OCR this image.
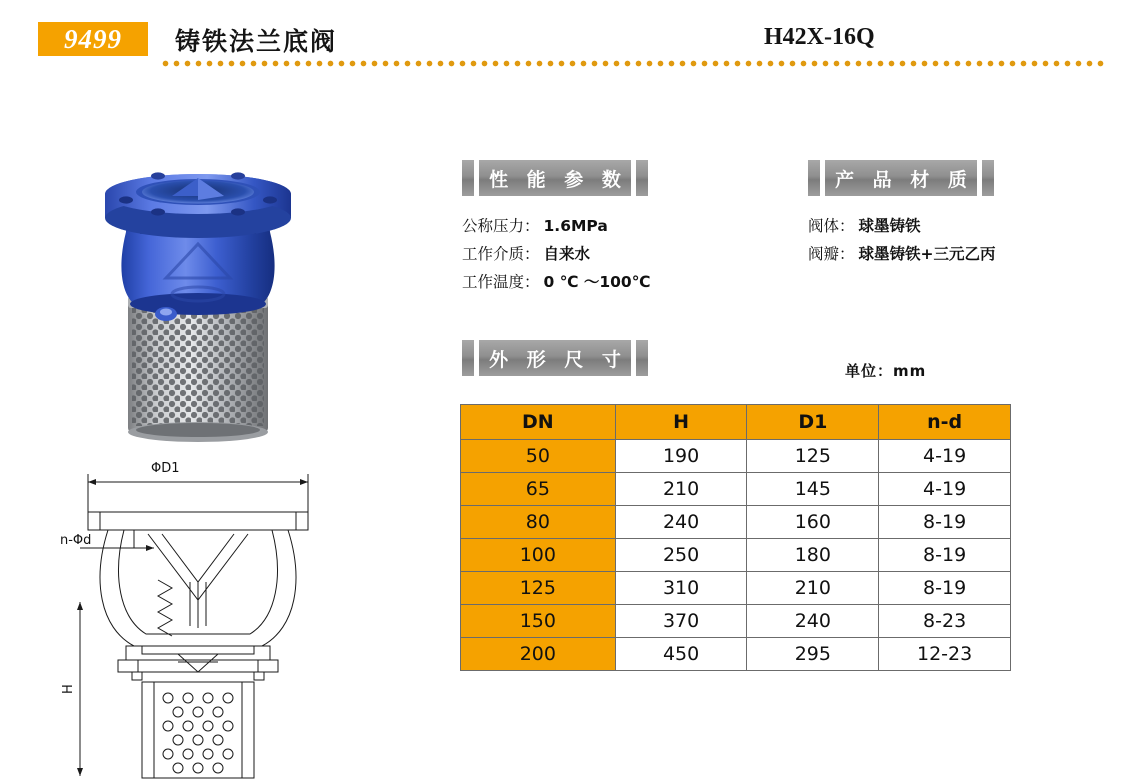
9499 铸铁法兰底阀	H42X-16Q
ΦD1
n-Φd
H
性 能 参 数
公称压力： 1.6MPa
工作介质： 自来水
工作温度： 0 ℃ ～100℃
产 品 材 质
阀体： 球墨铸铁
阀瓣： 球墨铸铁+三元乙丙
外 形 尺 寸
单位：mm
DN	H	D1	n-d
50	190	125	4-19
65	210	145	4-19
80	240	160	8-19
100	250	180	8-19
125	310	210	8-19
150	370	240	8-23
200	450	295	12-23
